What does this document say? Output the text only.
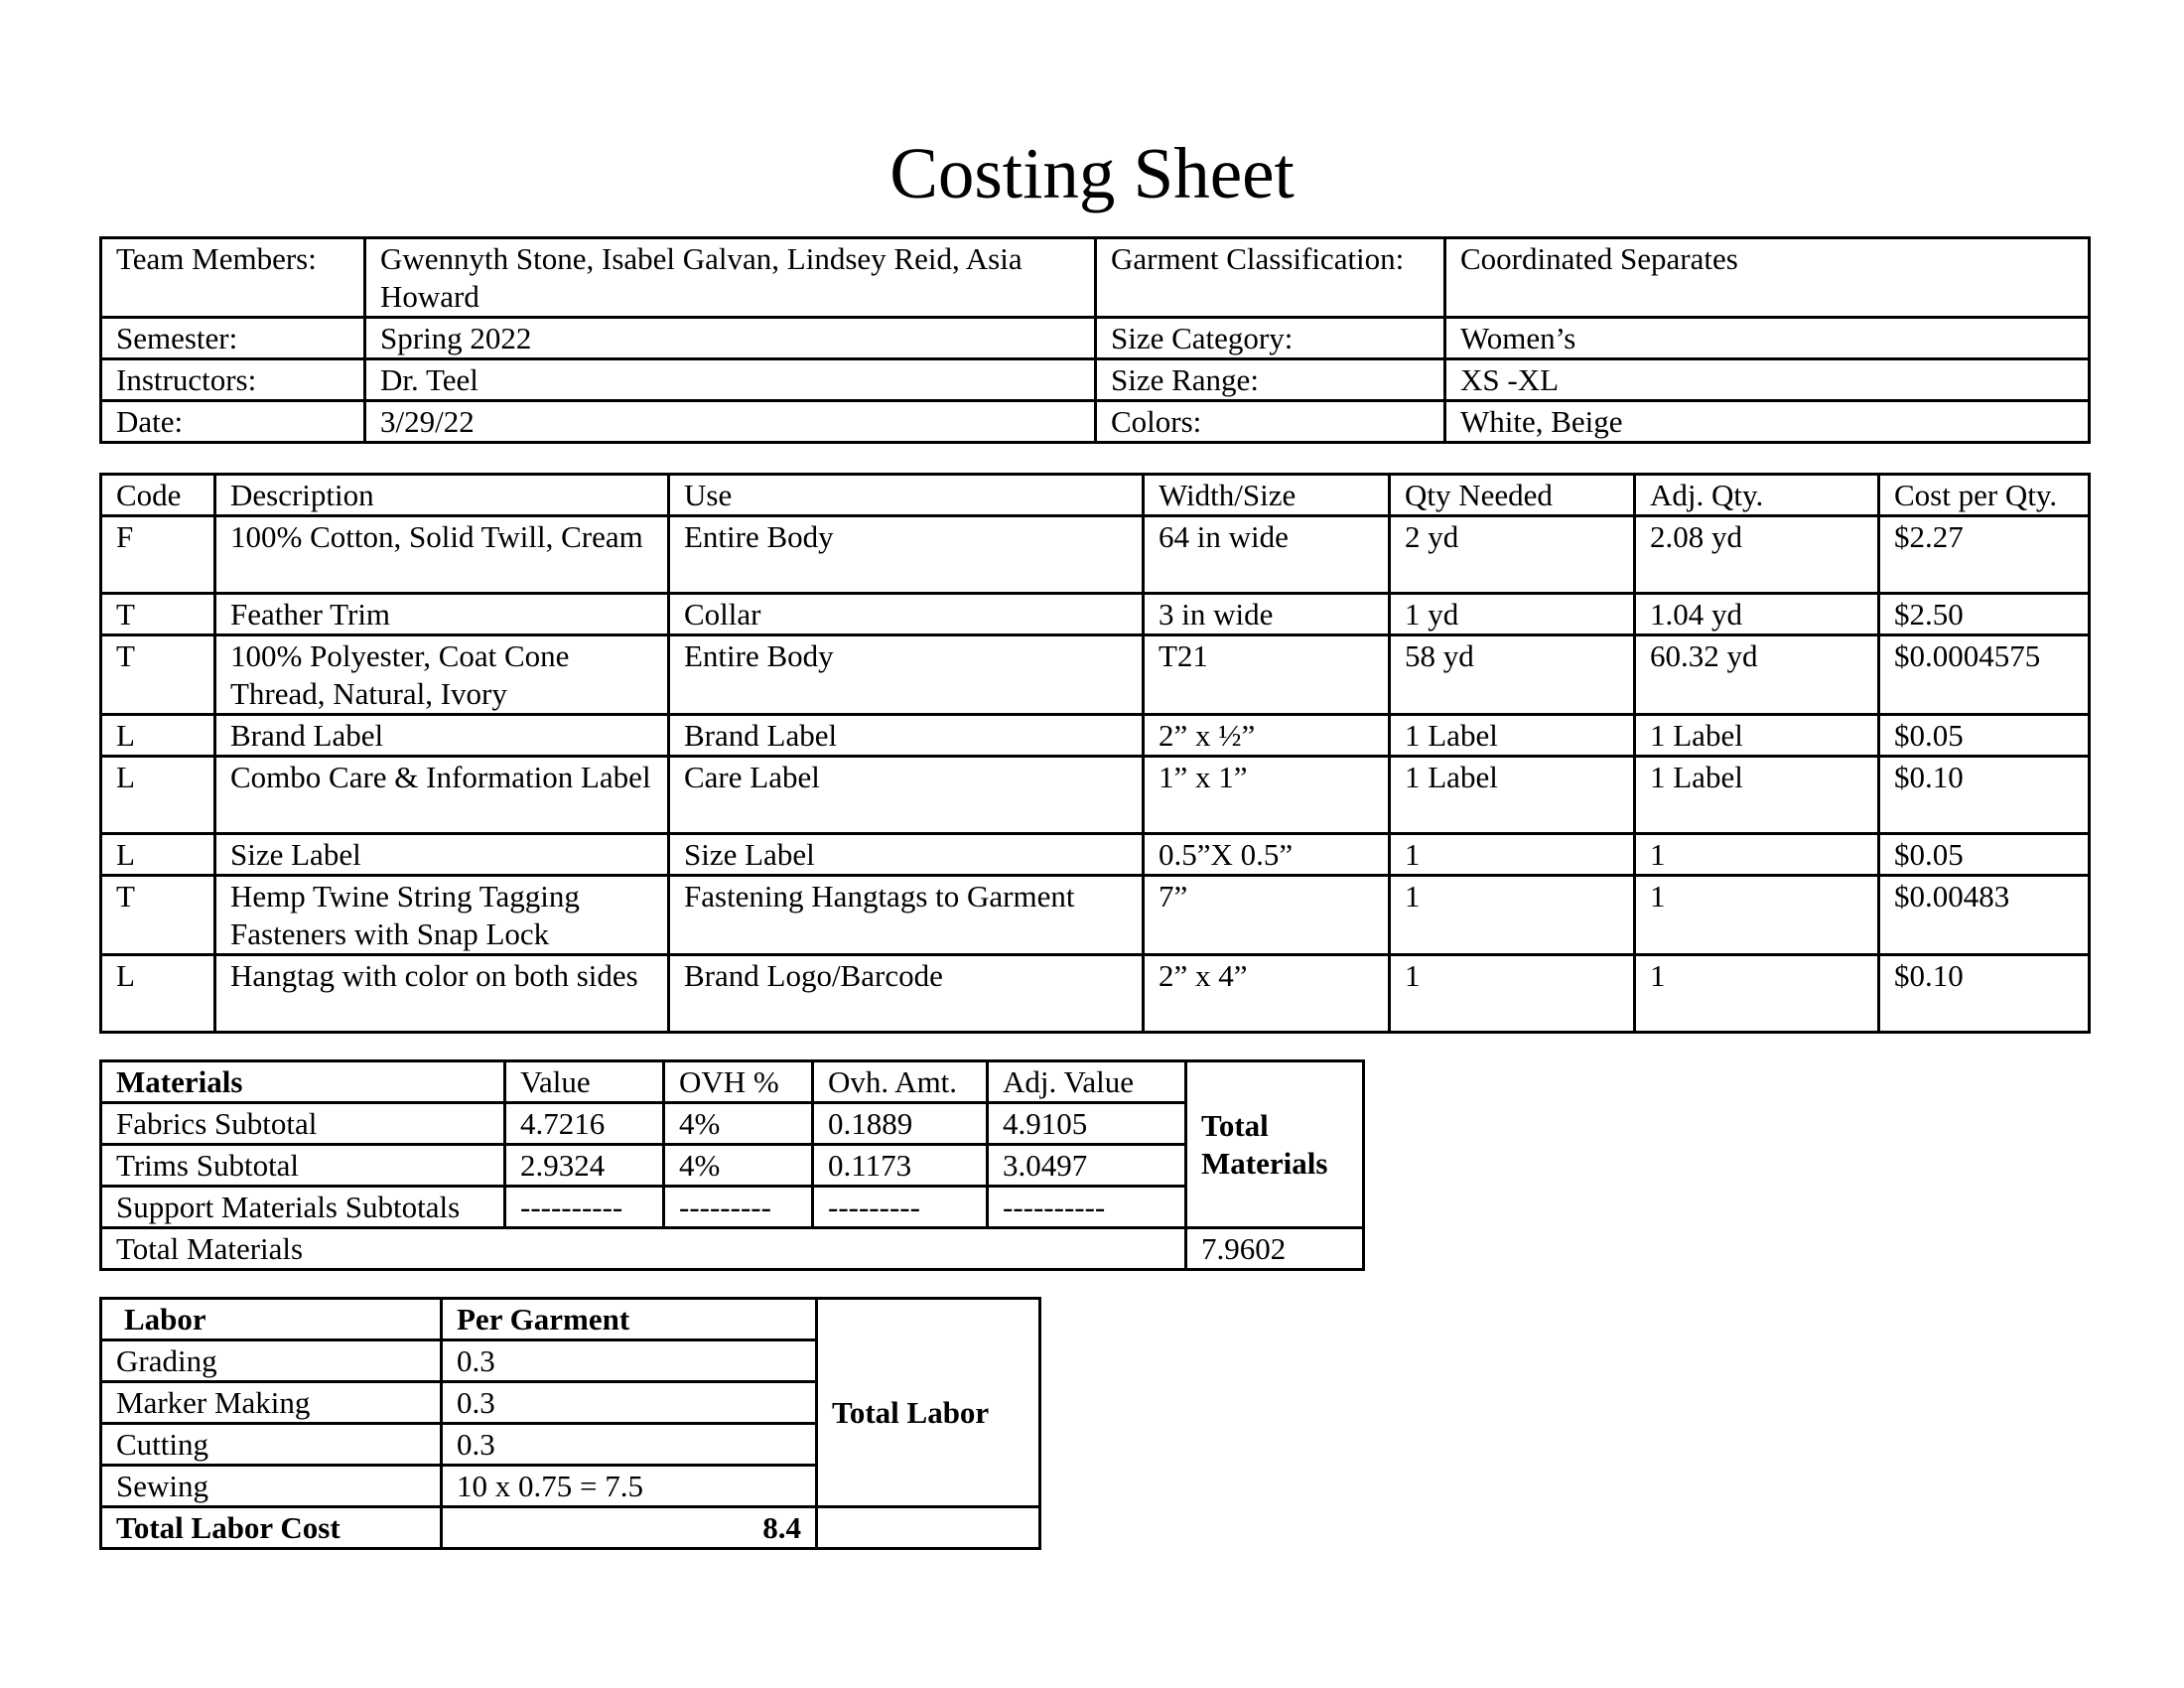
Costing Sheet
Team Members:	Gwennyth Stone, Isabel Galvan, Lindsey Reid, Asia Howard	Garment Classification:	Coordinated Separates
Semester:	Spring 2022	Size Category:	Women’s
Instructors:	Dr. Teel	Size Range:	XS -XL
Date:	3/29/22	Colors:	White, Beige
Code	Description	Use	Width/Size	Qty Needed	Adj. Qty.	Cost per Qty.
F	100% Cotton, Solid Twill, Cream	Entire Body	64 in wide	2 yd	2.08 yd	$2.27
T	Feather Trim	Collar	3 in wide	1 yd	1.04 yd	$2.50
T	100% Polyester, Coat Cone Thread, Natural, Ivory	Entire Body	T21	58 yd	60.32 yd	$0.0004575
L	Brand Label	Brand Label	2” x ½”	1 Label	1 Label	$0.05
L	Combo Care & Information Label	Care Label	1” x 1”	1 Label	1 Label	$0.10
L	Size Label	Size Label	0.5”X 0.5”	1	1	$0.05
T	Hemp Twine String Tagging Fasteners with Snap Lock	Fastening Hangtags to Garment	7”	1	1	$0.00483
L	Hangtag with color on both sides	Brand Logo/Barcode	2” x 4”	1	1	$0.10
Materials	Value	OVH %	Ovh. Amt.	Adj. Value	Total Materials
Fabrics Subtotal	4.7216	4%	0.1889	4.9105	
Trims Subtotal	2.9324	4%	0.1173	3.0497	
Support Materials Subtotals	----------	---------	---------	----------	
Total Materials					7.9602
Labor	Per Garment	Total Labor
Grading	0.3	
Marker Making	0.3	
Cutting	0.3	
Sewing	10 x 0.75 = 7.5	
Total Labor Cost	8.4	
